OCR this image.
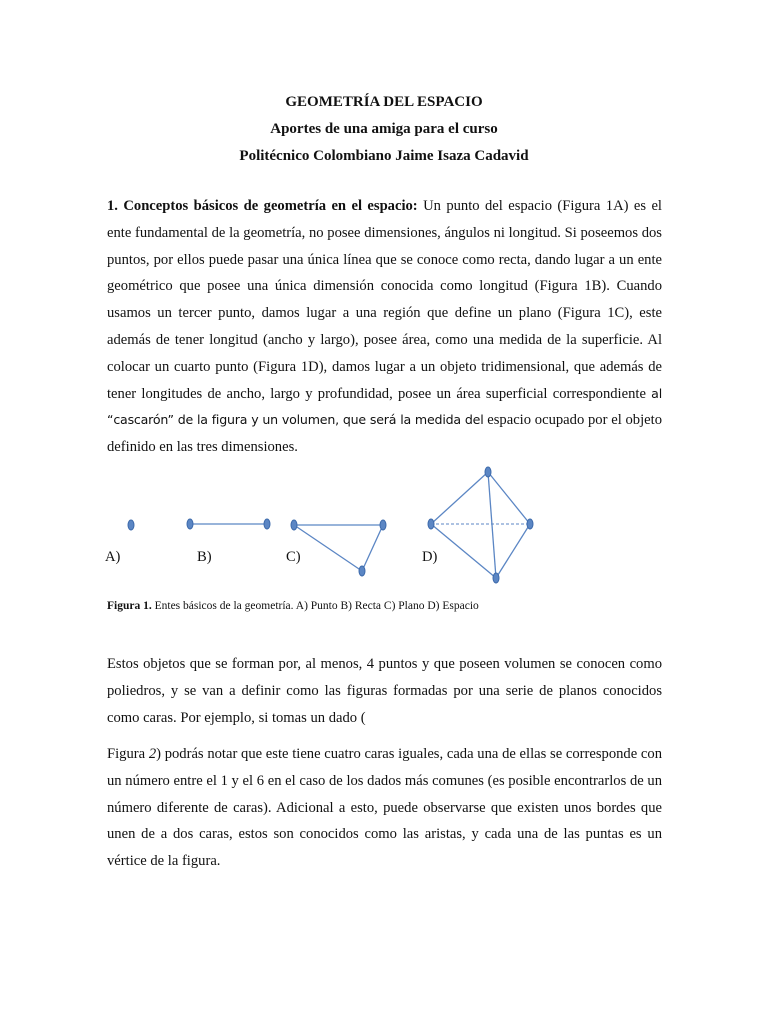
GEOMETRÍA DEL ESPACIO
Aportes de una amiga para el curso
Politécnico Colombiano Jaime Isaza Cadavid

1. Conceptos básicos de geometría en el espacio: Un punto del espacio (Figura 1A) es el ente fundamental de la geometría, no posee dimensiones, ángulos ni longitud. Si poseemos dos puntos, por ellos puede pasar una única línea que se conoce como recta, dando lugar a un ente geométrico que posee una única dimensión conocida como longitud (Figura 1B). Cuando usamos un tercer punto, damos lugar a una región que define un plano (Figura 1C), este además de tener longitud (ancho y largo), posee área, como una medida de la superficie. Al colocar un cuarto punto (Figura 1D), damos lugar a un objeto tridimensional, que además de tener longitudes de ancho, largo y profundidad, posee un área superficial correspondiente al “cascarón” de la figura y un volumen, que será la medida del espacio ocupado por el objeto definido en las tres dimensiones.

A)	B)	C)	D)
Figura 1. Entes básicos de la geometría. A) Punto B) Recta C) Plano D) Espacio

Estos objetos que se forman por, al menos, 4 puntos y que poseen volumen se conocen como poliedros, y se van a definir como las figuras formadas por una serie de planos conocidos como caras. Por ejemplo, si tomas un dado (

Figura 2) podrás notar que este tiene cuatro caras iguales, cada una de ellas se corresponde con un número entre el 1 y el 6 en el caso de los dados más comunes (es posible encontrarlos de un número diferente de caras). Adicional a esto, puede observarse que existen unos bordes que unen de a dos caras, estos son conocidos como las aristas, y cada una de las puntas es un vértice de la figura.
